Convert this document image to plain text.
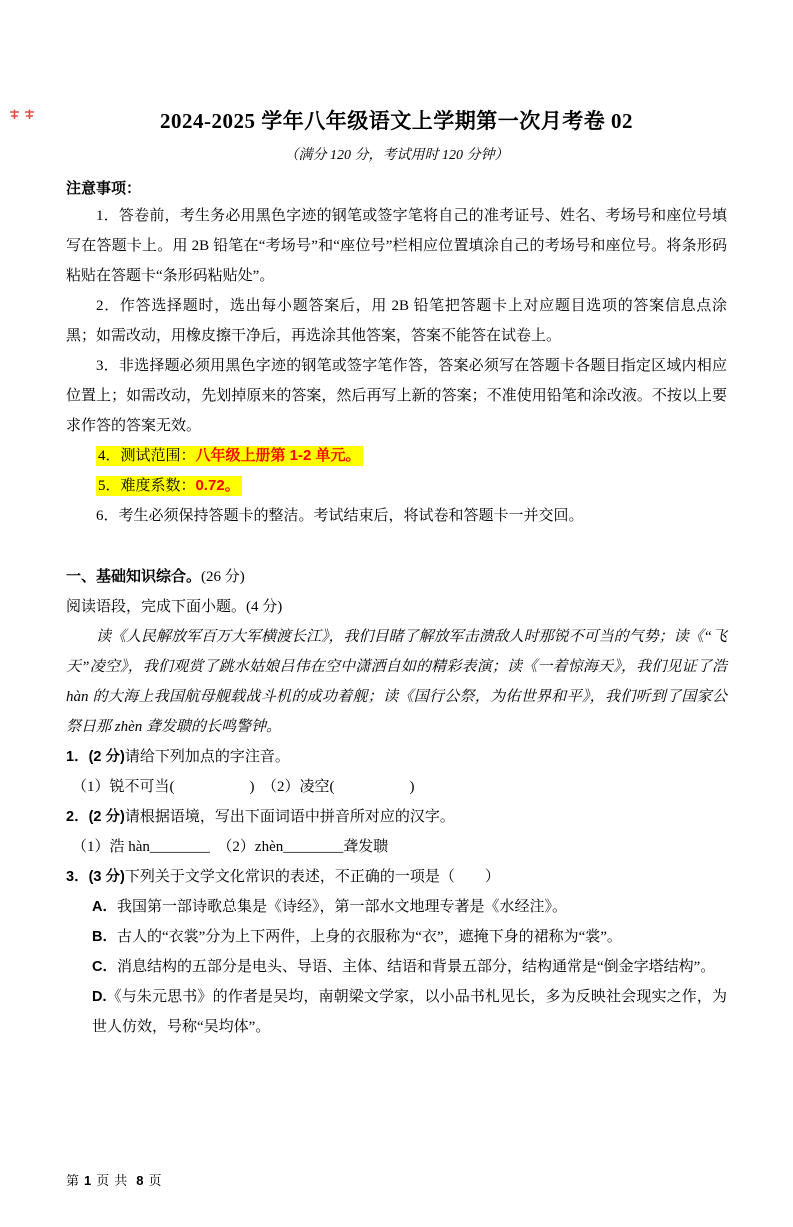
2024-2025 学年八年级语文上学期第一次月考卷 02
（满分 120 分，考试用时 120 分钟）
注意事项：

1．答卷前，考生务必用黑色字迹的钢笔或签字笔将自己的准考证号、姓名、考场号和座位号填写在答题卡上。用 2B 铅笔在“考场号”和“座位号”栏相应位置填涂自己的考场号和座位号。将条形码粘贴在答题卡“条形码粘贴处”。

2．作答选择题时，选出每小题答案后，用 2B 铅笔把答题卡上对应题目选项的答案信息点涂黑；如需改动，用橡皮擦干净后，再选涂其他答案，答案不能答在试卷上。

3．非选择题必须用黑色字迹的钢笔或签字笔作答，答案必须写在答题卡各题目指定区域内相应位置上；如需改动，先划掉原来的答案，然后再写上新的答案；不准使用铅笔和涂改液。不按以上要求作答的答案无效。

4．测试范围：八年级上册第 1-2 单元。

5．难度系数：0.72。

6．考生必须保持答题卡的整洁。考试结束后，将试卷和答题卡一并交回。

一、基础知识综合。(26 分)

阅读语段，完成下面小题。(4 分)

读《人民解放军百万大军横渡长江》，我们目睹了解放军击溃敌人时那锐不可当的气势；读《“飞天”凌空》，我们观赏了跳水姑娘吕伟在空中潇洒自如的精彩表演；读《一着惊海天》，我们见证了浩 hàn 的大海上我国航母舰载战斗机的成功着舰；读《国行公祭，为佑世界和平》，我们听到了国家公祭日那 zhèn 聋发聩的长鸣警钟。

1．(2 分)请给下列加点的字注音。

（1）锐不可当(　　　　　)　（2）凌空(　　　　　)

2．(2 分)请根据语境，写出下面词语中拼音所对应的汉字。

（1）浩 hàn________　（2）zhèn________聋发聩

3．(3 分)下列关于文学文化常识的表述，不正确的一项是（　　）

A．我国第一部诗歌总集是《诗经》，第一部水文地理专著是《水经注》。

B．古人的“衣裳”分为上下两件，上身的衣服称为“衣”，遮掩下身的裙称为“裳”。

C．消息结构的五部分是电头、导语、主体、结语和背景五部分，结构通常是“倒金字塔结构”。

D.《与朱元思书》的作者是吴均，南朝梁文学家，以小品书札见长，多为反映社会现实之作，为世人仿效，号称“吴均体”。

第 1 页 共 8 页
